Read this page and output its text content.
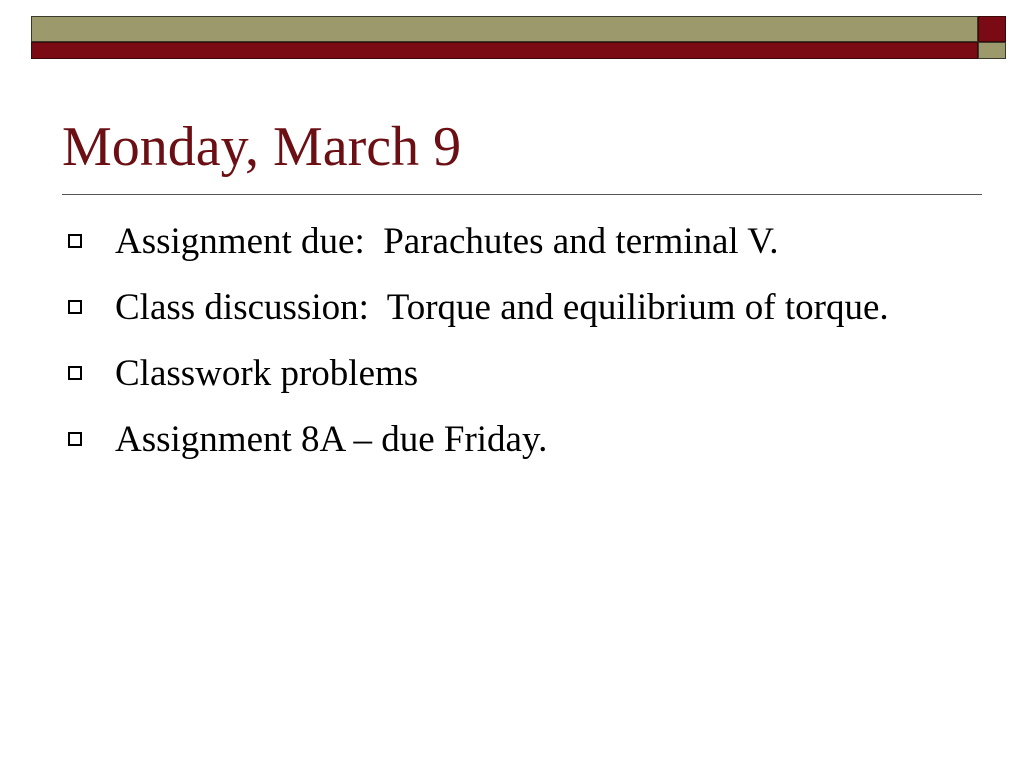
Monday, March 9
Assignment due:  Parachutes and terminal V.
Class discussion:  Torque and equilibrium of torque.
Classwork problems
Assignment 8A – due Friday.
